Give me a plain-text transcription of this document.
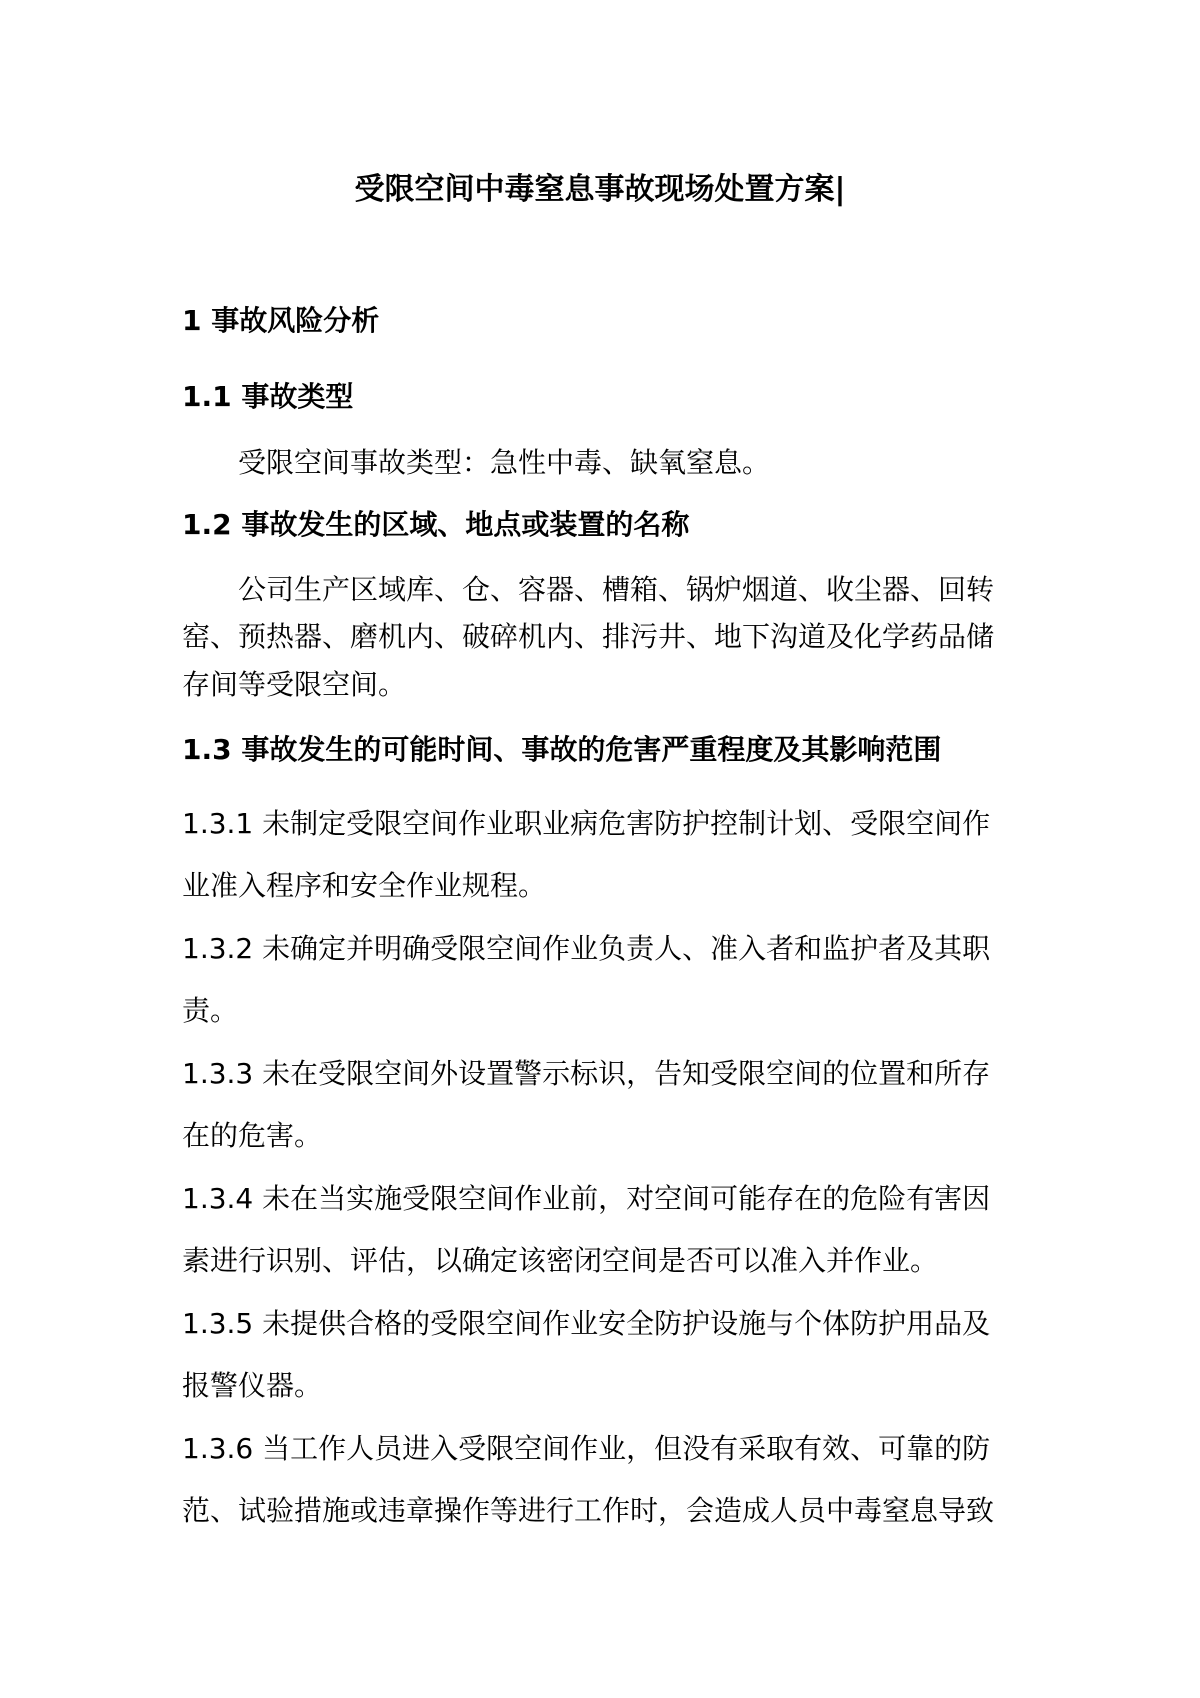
受限空间中毒窒息事故现场处置方案|
1 事故风险分析
1.1 事故类型
受限空间事故类型：急性中毒、缺氧窒息。
1.2 事故发生的区域、地点或装置的名称
公司生产区域库、仓、容器、槽箱、锅炉烟道、收尘器、回转
窑、预热器、磨机内、破碎机内、排污井、地下沟道及化学药品储
存间等受限空间。
1.3 事故发生的可能时间、事故的危害严重程度及其影响范围
1.3.1 未制定受限空间作业职业病危害防护控制计划、受限空间作
业准入程序和安全作业规程。
1.3.2 未确定并明确受限空间作业负责人、准入者和监护者及其职
责。
1.3.3 未在受限空间外设置警示标识，告知受限空间的位置和所存
在的危害。
1.3.4 未在当实施受限空间作业前，对空间可能存在的危险有害因
素进行识别、评估，以确定该密闭空间是否可以准入并作业。
1.3.5 未提供合格的受限空间作业安全防护设施与个体防护用品及
报警仪器。
1.3.6 当工作人员进入受限空间作业，但没有采取有效、可靠的防
范、试验措施或违章操作等进行工作时，会造成人员中毒窒息导致
